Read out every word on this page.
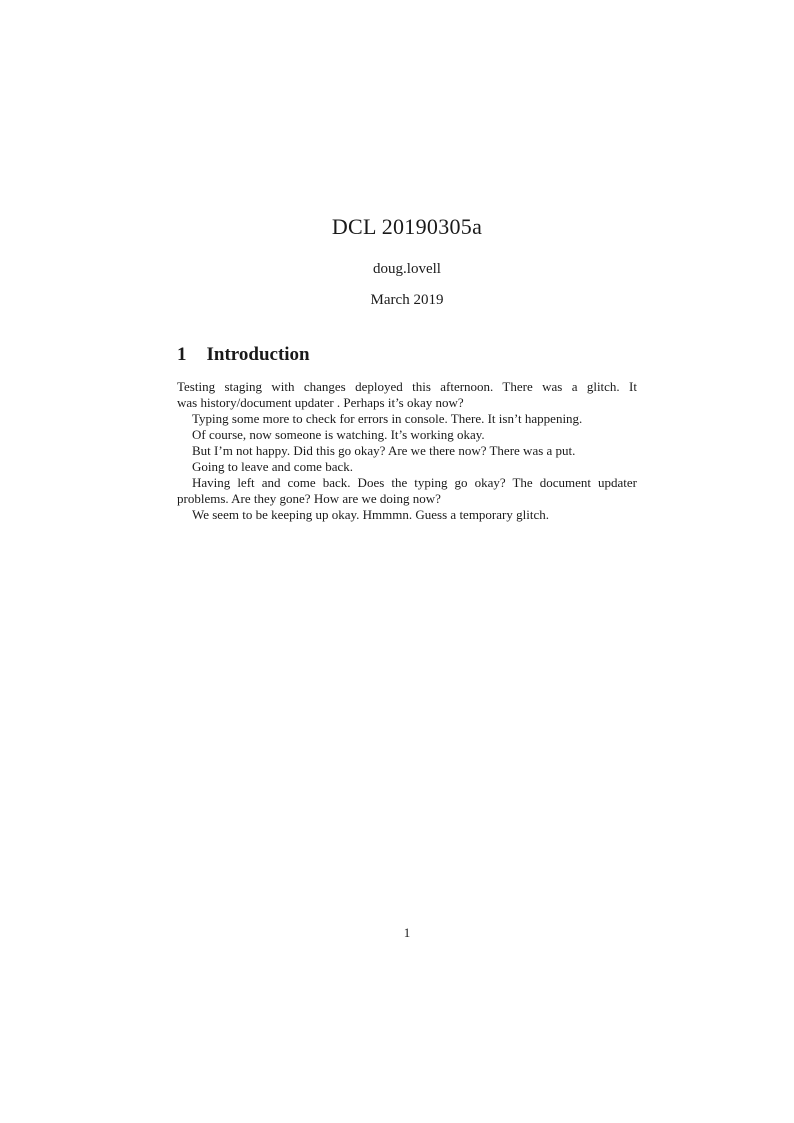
DCL 20190305a
doug.lovell
March 2019
1 Introduction
Testing staging with changes deployed this afternoon. There was a glitch. It
was history/document updater . Perhaps it’s okay now?
Typing some more to check for errors in console. There. It isn’t happening.
Of course, now someone is watching. It’s working okay.
But I’m not happy. Did this go okay? Are we there now? There was a put.
Going to leave and come back.
Having left and come back. Does the typing go okay? The document updater
problems. Are they gone? How are we doing now?
We seem to be keeping up okay. Hmmmn. Guess a temporary glitch.
1
